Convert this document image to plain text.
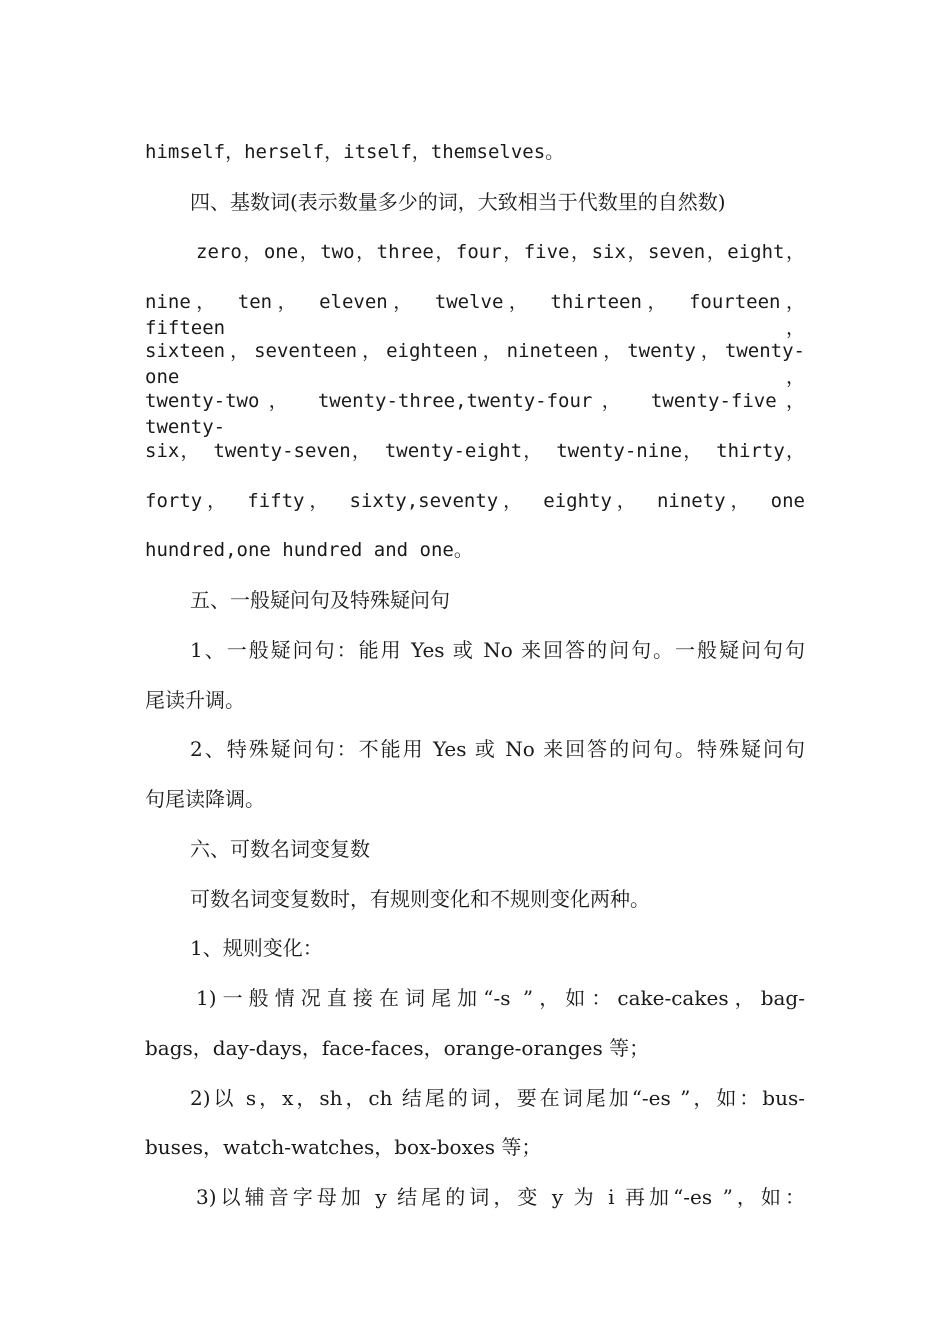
himself，herself，itself，themselves。
四、基数词(表示数量多少的词，大致相当于代数里的自然数)
zero，one，two，three，four，five，six，seven，eight，
nine， ten， eleven， twelve， thirteen， fourteen， fifteen，
sixteen，seventeen，eighteen，nineteen，twenty，twenty-one，
twenty-two， twenty-three,twenty-four， twenty-five， twenty-
six， twenty-seven， twenty-eight， twenty-nine， thirty，
forty， fifty， sixty,seventy， eighty， ninety， one
hundred,one hundred and one。
五、一般疑问句及特殊疑问句
1、一般疑问句：能用 Yes 或 No 来回答的问句。一般疑问句句
尾读升调。
2、特殊疑问句：不能用 Yes 或 No 来回答的问句。特殊疑问句
句尾读降调。
六、可数名词变复数
可数名词变复数时，有规则变化和不规则变化两种。
1、规则变化：
1)一般情况直接在词尾加“-s ”，如：cake-cakes，bag-
bags，day-days，face-faces，orange-oranges 等；
2)以 s，x，sh，ch 结尾的词，要在词尾加“-es ”，如：bus-
buses，watch-watches，box-boxes 等；
3)以辅音字母加 y 结尾的词，变 y 为 i 再加“-es ”，如：
